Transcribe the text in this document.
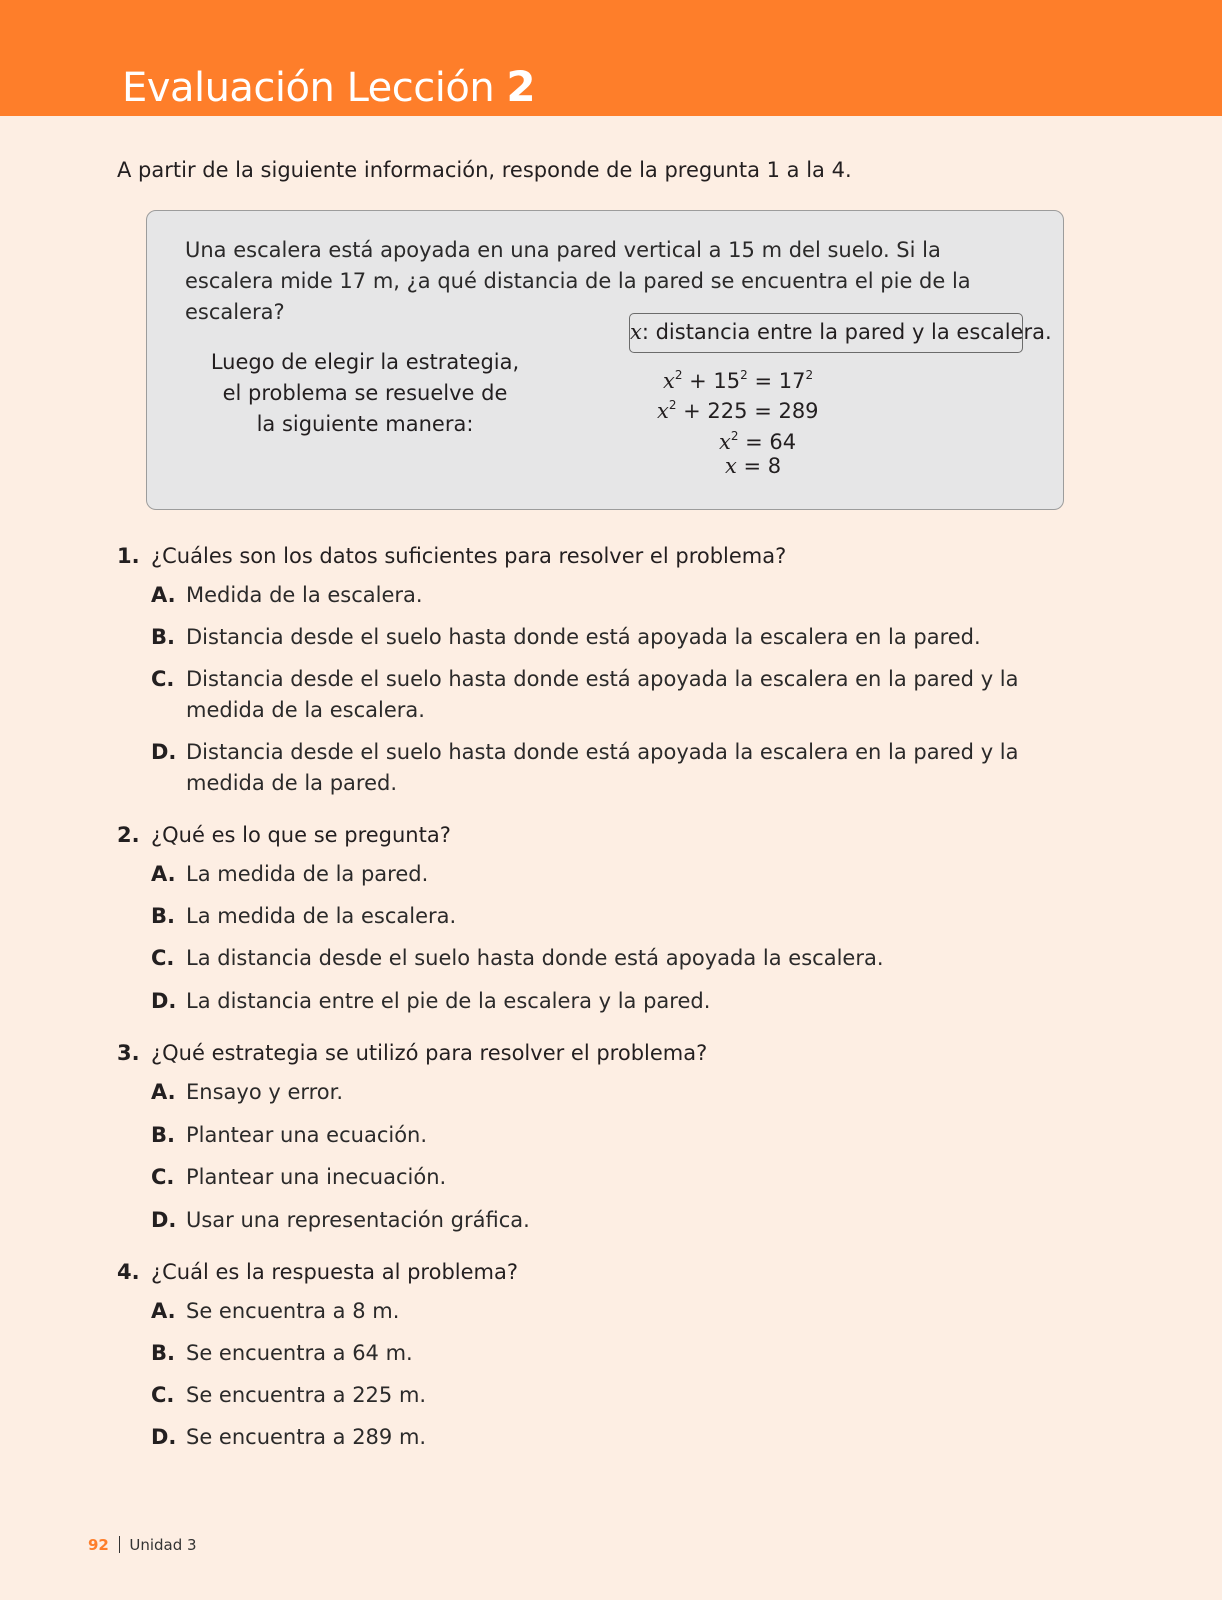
Evaluación Lección 2
A partir de la siguiente información, responde de la pregunta 1 a la 4.
Una escalera está apoyada en una pared vertical a 15 m del suelo. Si la escalera mide 17 m, ¿a qué distancia de la pared se encuentra el pie de la escalera?
x: distancia entre la pared y la escalera.
Luego de elegir la estrategia,
el problema se resuelve de
la siguiente manera:
$x^2 + 15^2 = 17^2$
$x^2 + 225 = 289$
$x^2 = 64$
x = 8
1. ¿Cuáles son los datos suficientes para resolver el problema?
A. Medida de la escalera.
B. Distancia desde el suelo hasta donde está apoyada la escalera en la pared.
C. Distancia desde el suelo hasta donde está apoyada la escalera en la pared y la medida de la escalera.
D. Distancia desde el suelo hasta donde está apoyada la escalera en la pared y la medida de la pared.
2. ¿Qué es lo que se pregunta?
A. La medida de la pared.
B. La medida de la escalera.
C. La distancia desde el suelo hasta donde está apoyada la escalera.
D. La distancia entre el pie de la escalera y la pared.
3. ¿Qué estrategia se utilizó para resolver el problema?
A. Ensayo y error.
B. Plantear una ecuación.
C. Plantear una inecuación.
D. Usar una representación gráfica.
4. ¿Cuál es la respuesta al problema?
A. Se encuentra a 8 m.
B. Se encuentra a 64 m.
C. Se encuentra a 225 m.
D. Se encuentra a 289 m.
92 Unidad 3
